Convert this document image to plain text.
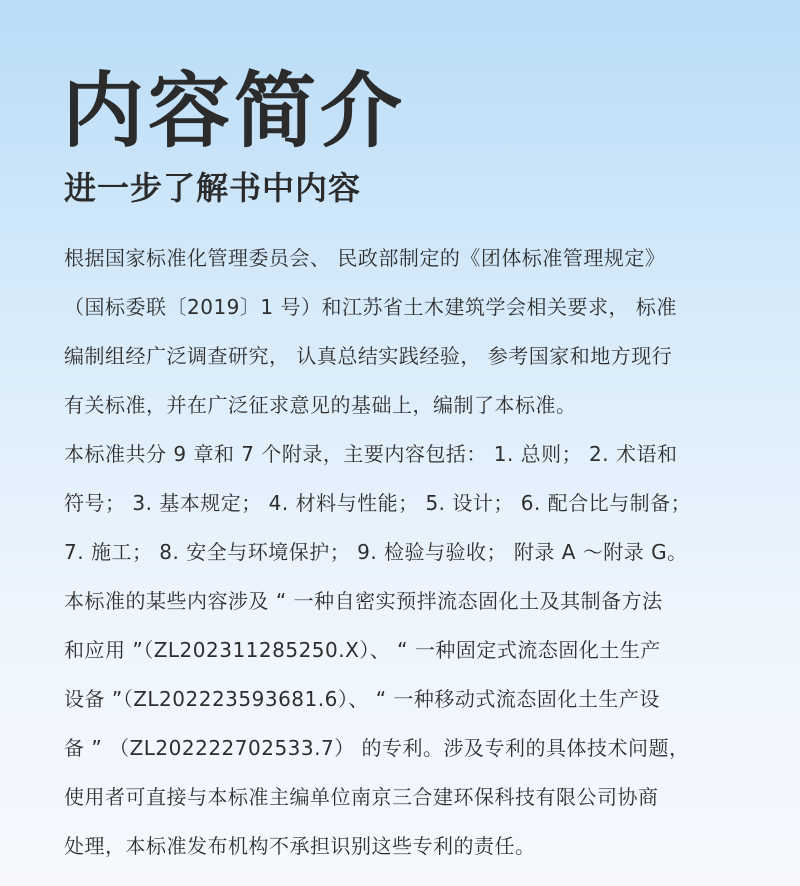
内容简介
进一步了解书中内容

根据国家标准化管理委员会、 民政部制定的《团体标准管理规定》
（国标委联〔2019〕1 号）和江苏省土木建筑学会相关要求， 标准
编制组经广泛调查研究， 认真总结实践经验， 参考国家和地方现行
有关标准，并在广泛征求意见的基础上，编制了本标准。
本标准共分 9 章和 7 个附录，主要内容包括： 1. 总则； 2. 术语和
符号； 3. 基本规定； 4. 材料与性能； 5. 设计； 6. 配合比与制备；
7. 施工； 8. 安全与环境保护； 9. 检验与验收； 附录 A ～附录 G。
本标准的某些内容涉及 “ 一种自密实预拌流态固化土及其制备方法
和应用 ”（ZL202311285250.X）、 “ 一种固定式流态固化土生产
设备 ”（ZL202223593681.6）、 “ 一种移动式流态固化土生产设
备 ” （ZL202222702533.7） 的专利。涉及专利的具体技术问题，
使用者可直接与本标准主编单位南京三合建环保科技有限公司协商
处理，本标准发布机构不承担识别这些专利的责任。
